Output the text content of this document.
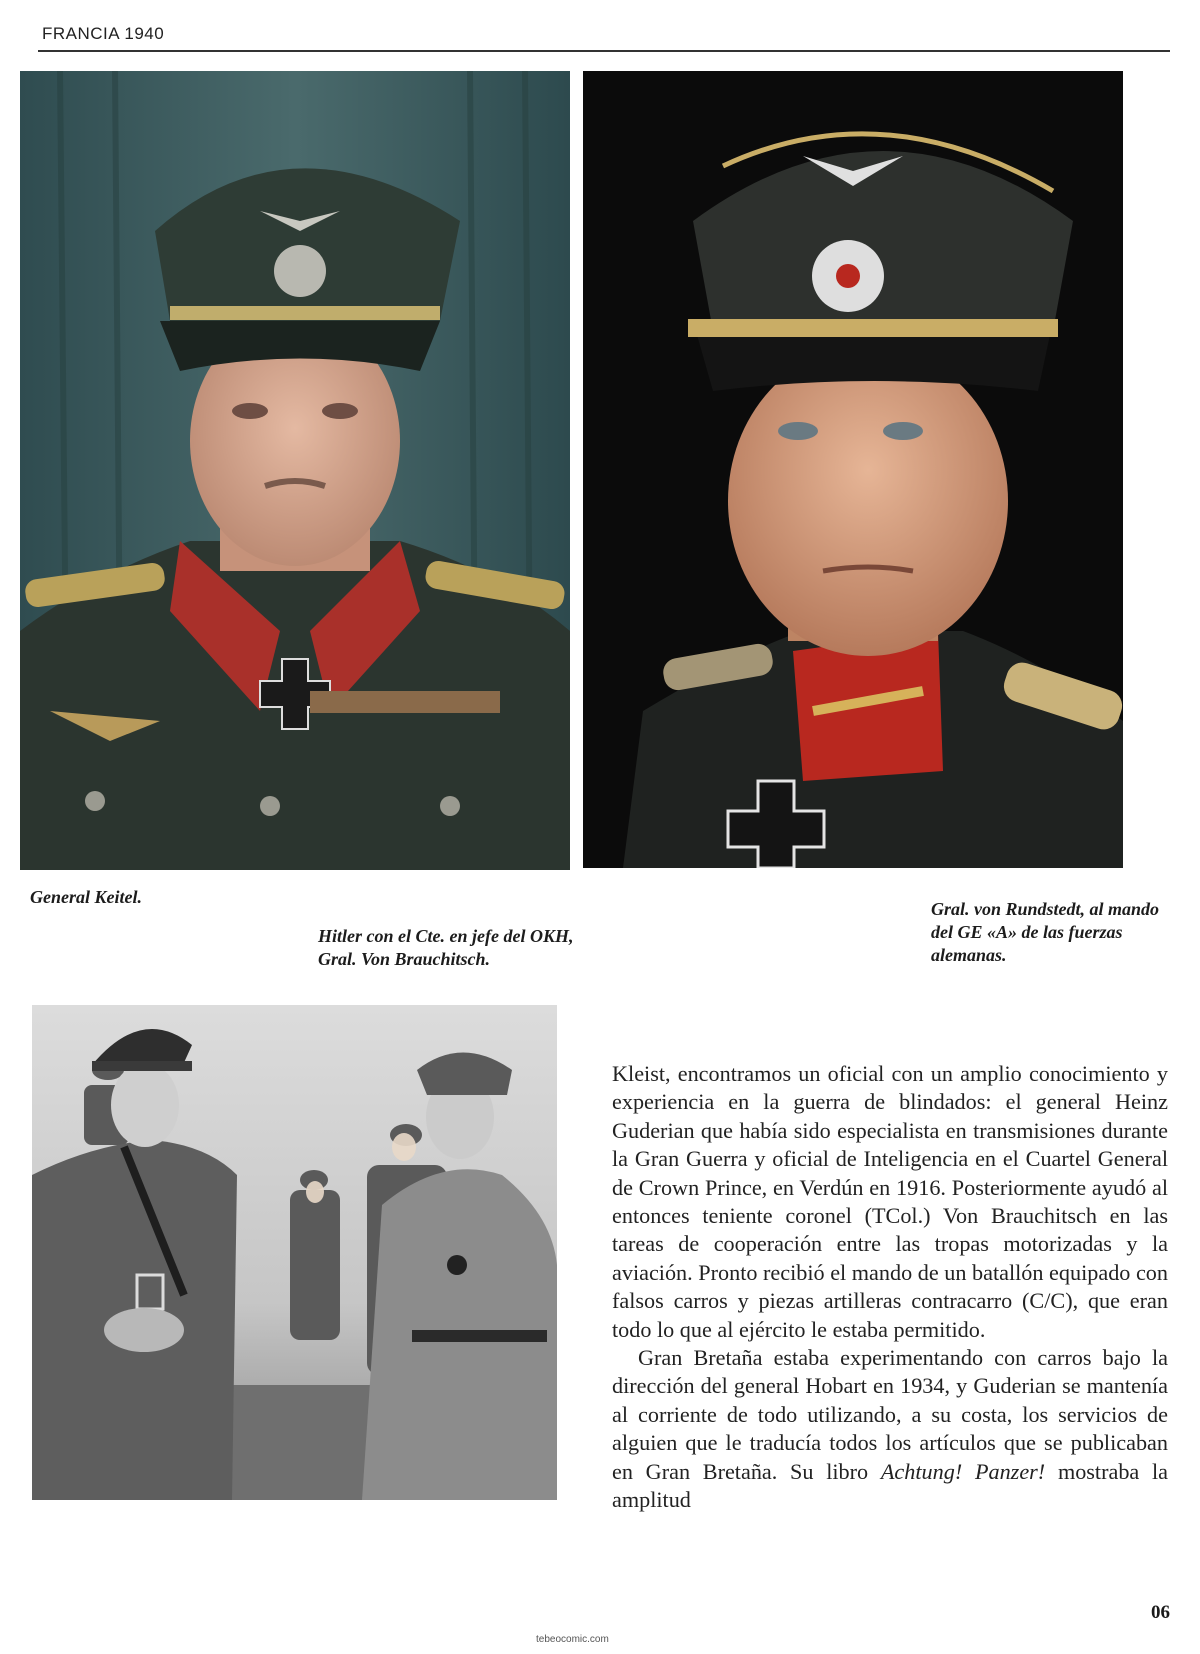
FRANCIA 1940
General Keitel.
Hitler con el Cte. en jefe del OKH, Gral. Von Brauchitsch.
Gral. von Rundstedt, al mando del GE «A» de las fuerzas alemanas.

Kleist, encontramos un oficial con un amplio conocimiento y experiencia en la guerra de blindados: el general Heinz Guderian que había sido especialista en transmisiones durante la Gran Guerra y oficial de Inteligencia en el Cuartel General de Crown Prince, en Verdún en 1916. Posteriormente ayudó al entonces teniente coronel (TCol.) Von Brauchitsch en las tareas de cooperación entre las tropas motorizadas y la aviación. Pronto recibió el mando de un batallón equipado con falsos carros y piezas artilleras contracarro (C/C), que eran todo lo que al ejército le estaba permitido.

Gran Bretaña estaba experimentando con carros bajo la dirección del general Hobart en 1934, y Guderian se mantenía al corriente de todo utilizando, a su costa, los servicios de alguien que le traducía todos los artículos que se publicaban en Gran Bretaña. Su libro Achtung! Panzer! mostraba la amplitud

06
tebeocomic.com
